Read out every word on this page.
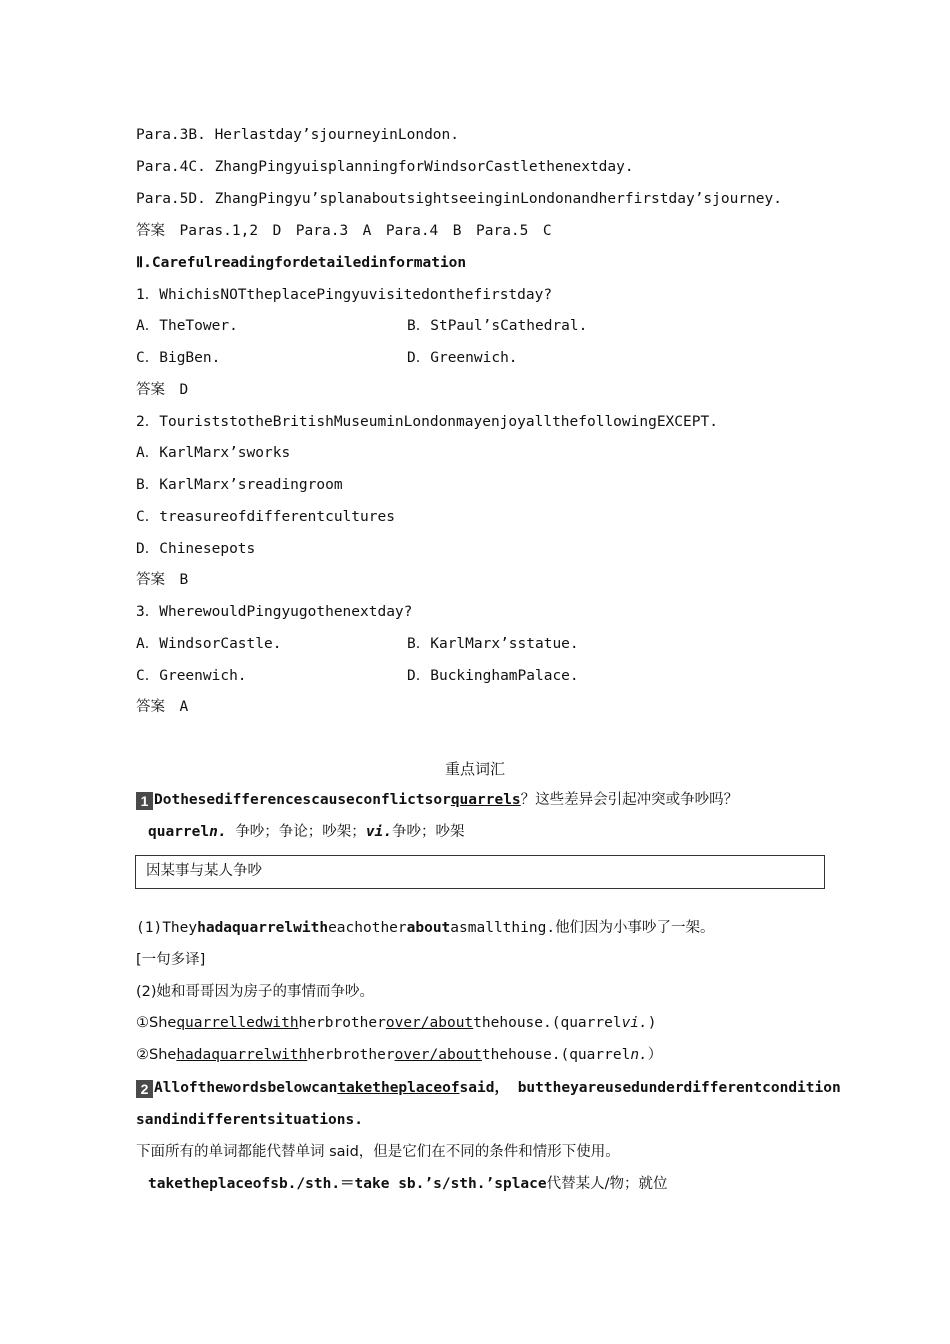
Para.3B. Herlastday’sjourneyinLondon.
Para.4C. ZhangPingyuisplanningforWindsorCastlethenextday.
Para.5D. ZhangPingyu’splanaboutsightseeinginLondonandherfirstday’sjourney.
答案　 Paras.1,2　D　Para.3　A　Para.4　B　Para.5　C
Ⅱ.Carefulreadingfordetailedinformation
1．WhichisNOTtheplacePingyuvisitedonthefirstday?
A．TheTower.	B．StPaul’sCathedral.
C．BigBen.	D．Greenwich.
答案　 D
2．TouriststotheBritishMuseuminLondonmayenjoyallthefollowingEXCEPT.
A．KarlMarx’sworks
B．KarlMarx’sreadingroom
C．treasureofdifferentcultures
D．Chinesepots
答案　 B
3．WherewouldPingyugothenextday?
A．WindsorCastle.	B．KarlMarx’sstatue.
C．Greenwich.	D．BuckinghamPalace.
答案　 A
重点词汇
1 Dothesedifferencescauseconflictsorquarrels？这些差异会引起冲突或争吵吗？
quarreln. 争吵；争论；吵架；vi.争吵；吵架
因某事与某人争吵
(1)Theyhadaquarrelwitheachotheraboutasmallthing.他们因为小事吵了一架。
[一句多译]
(2)她和哥哥因为房子的事情而争吵。
①Shequarrelledwithherbrotherover/aboutthehouse.(quarrelvi.)
②Shehadaquarrelwithherbrotherover/aboutthehouse.(quarreln.）
2 Allofthewordsbelowcantaketheplaceofsaid， buttheyareusedunderdifferentcondition
sandindifferentsituations.
下面所有的单词都能代替单词 said，但是它们在不同的条件和情形下使用。
taketheplaceofsb./sth.＝take sb.’s/sth.’splace代替某人/物；就位
